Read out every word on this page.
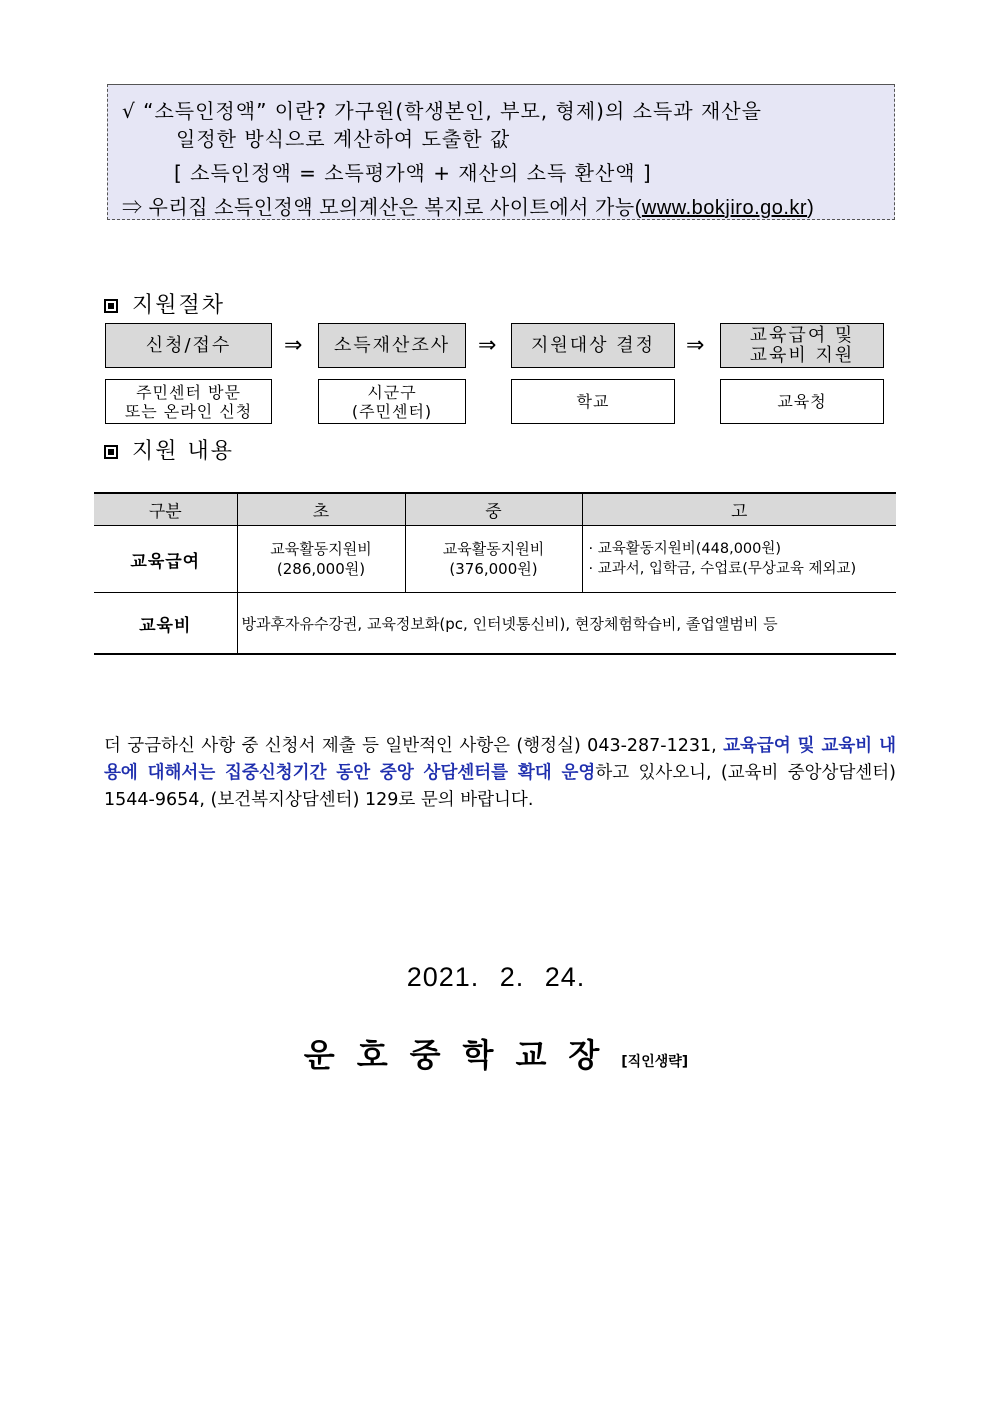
√ “소득인정액” 이란? 가구원(학생본인, 부모, 형제)의 소득과 재산을
일정한 방식으로 계산하여 도출한 값
[ 소득인정액 = 소득평가액 + 재산의 소득 환산액 ]
⇒ 우리집 소득인정액 모의계산은 복지로 사이트에서 가능(www.bokjiro.go.kr)
지원절차
신청/접수	⇒	소득재산조사	⇒	지원대상 결정	⇒	교육급여 및
교육비 지원
주민센터 방문
또는 온라인 신청
시군구
(주민센터)	학교	교육청
지원 내용
구분	초	중	고
교육급여	교육활동지원비
(286,000원)	교육활동지원비
(376,000원)	· 교육활동지원비(448,000원)
· 교과서, 입학금, 수업료(무상교육 제외교)
교육비	방과후자유수강권, 교육정보화(pc, 인터넷통신비), 현장체험학습비, 졸업앨범비 등		
더 궁금하신 사항 중 신청서 제출 등 일반적인 사항은 (행정실) 043-287-1231, 교육급여 및 교육비 내용에 대해서는 집중신청기간 동안 중앙 상담센터를 확대 운영하고 있사오니, (교육비 중앙상담센터) 1544-9654, (보건복지상담센터) 129로 문의 바랍니다.
2021. 2. 24.
운호중학교장[직인생략]
